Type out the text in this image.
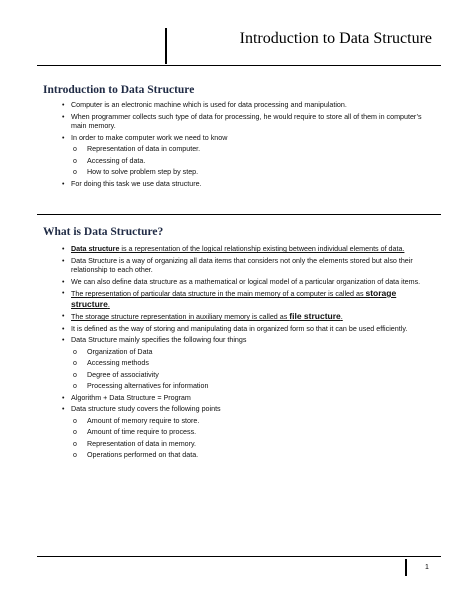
Introduction to Data Structure
Introduction to Data Structure
• Computer is an electronic machine which is used for data processing and manipulation.
• When programmer collects such type of data for processing, he would require to store all of them in computer’s main memory.
• In order to make computer work we need to know
o Representation of data in computer.
o Accessing of data.
o How to solve problem step by step.
• For doing this task we use data structure.
What is Data Structure?
• Data structure is a representation of the logical relationship existing between individual elements of data.
• Data Structure is a way of organizing all data items that considers not only the elements stored but also their relationship to each other.
• We can also define data structure as a mathematical or logical model of a particular organization of data items.
• The representation of particular data structure in the main memory of a computer is called as storage structure.
• The storage structure representation in auxiliary memory is called as file structure.
• It is defined as the way of storing and manipulating data in organized form so that it can be used efficiently.
• Data Structure mainly specifies the following four things
o Organization of Data
o Accessing methods
o Degree of associativity
o Processing alternatives for information
• Algorithm + Data Structure = Program
• Data structure study covers the following points
o Amount of memory require to store.
o Amount of time require to process.
o Representation of data in memory.
o Operations performed on that data.
1
